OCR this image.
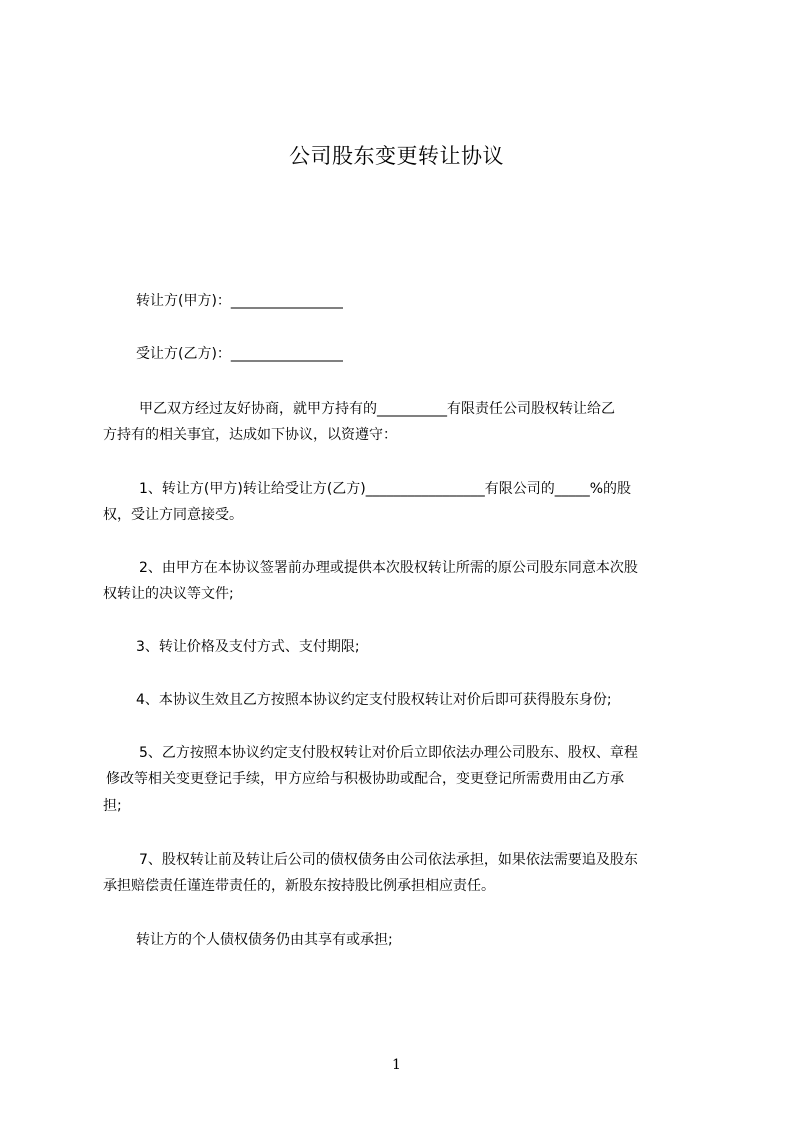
公司股东变更转让协议
转让方(甲方)：________________
受让方(乙方)：________________
甲乙双方经过友好协商，就甲方持有的__________有限责任公司股权转让给乙
方持有的相关事宜，达成如下协议，以资遵守：
1、转让方(甲方)转让给受让方(乙方)_________________有限公司的_____%的股
权，受让方同意接受。
2、由甲方在本协议签署前办理或提供本次股权转让所需的原公司股东同意本次股
权转让的决议等文件;
3、转让价格及支付方式、支付期限;
4、本协议生效且乙方按照本协议约定支付股权转让对价后即可获得股东身份;
5、乙方按照本协议约定支付股权转让对价后立即依法办理公司股东、股权、章程
修改等相关变更登记手续，甲方应给与积极协助或配合，变更登记所需费用由乙方承
担;
7、股权转让前及转让后公司的债权债务由公司依法承担，如果依法需要追及股东
承担赔偿责任谨连带责任的，新股东按持股比例承担相应责任。
转让方的个人债权债务仍由其享有或承担;
1
